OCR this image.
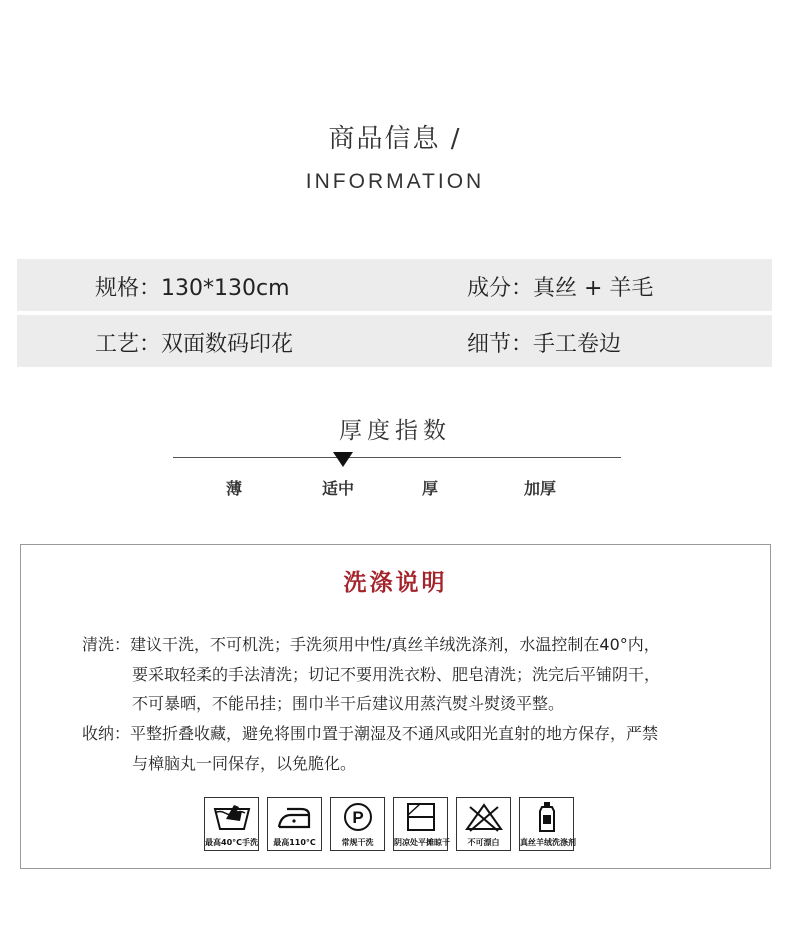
商品信息 /
INFORMATION
规格：130*130cm	成分：真丝 + 羊毛
工艺：双面数码印花	细节：手工卷边
厚度指数
薄	适中	厚	加厚
洗涤说明
清洗：建议干洗，不可机洗；手洗须用中性/真丝羊绒洗涤剂，水温控制在40°内，
要采取轻柔的手法清洗；切记不要用洗衣粉、肥皂清洗；洗完后平铺阴干，
不可暴晒，不能吊挂；围巾半干后建议用蒸汽熨斗熨烫平整。
收纳：平整折叠收藏，避免将围巾置于潮湿及不通风或阳光直射的地方保存，严禁
与樟脑丸一同保存，以免脆化。
最高40°C手洗	最高110°C
P
常规干洗	阴凉处平摊晾干	不可漂白	真丝羊绒洗涤剂
